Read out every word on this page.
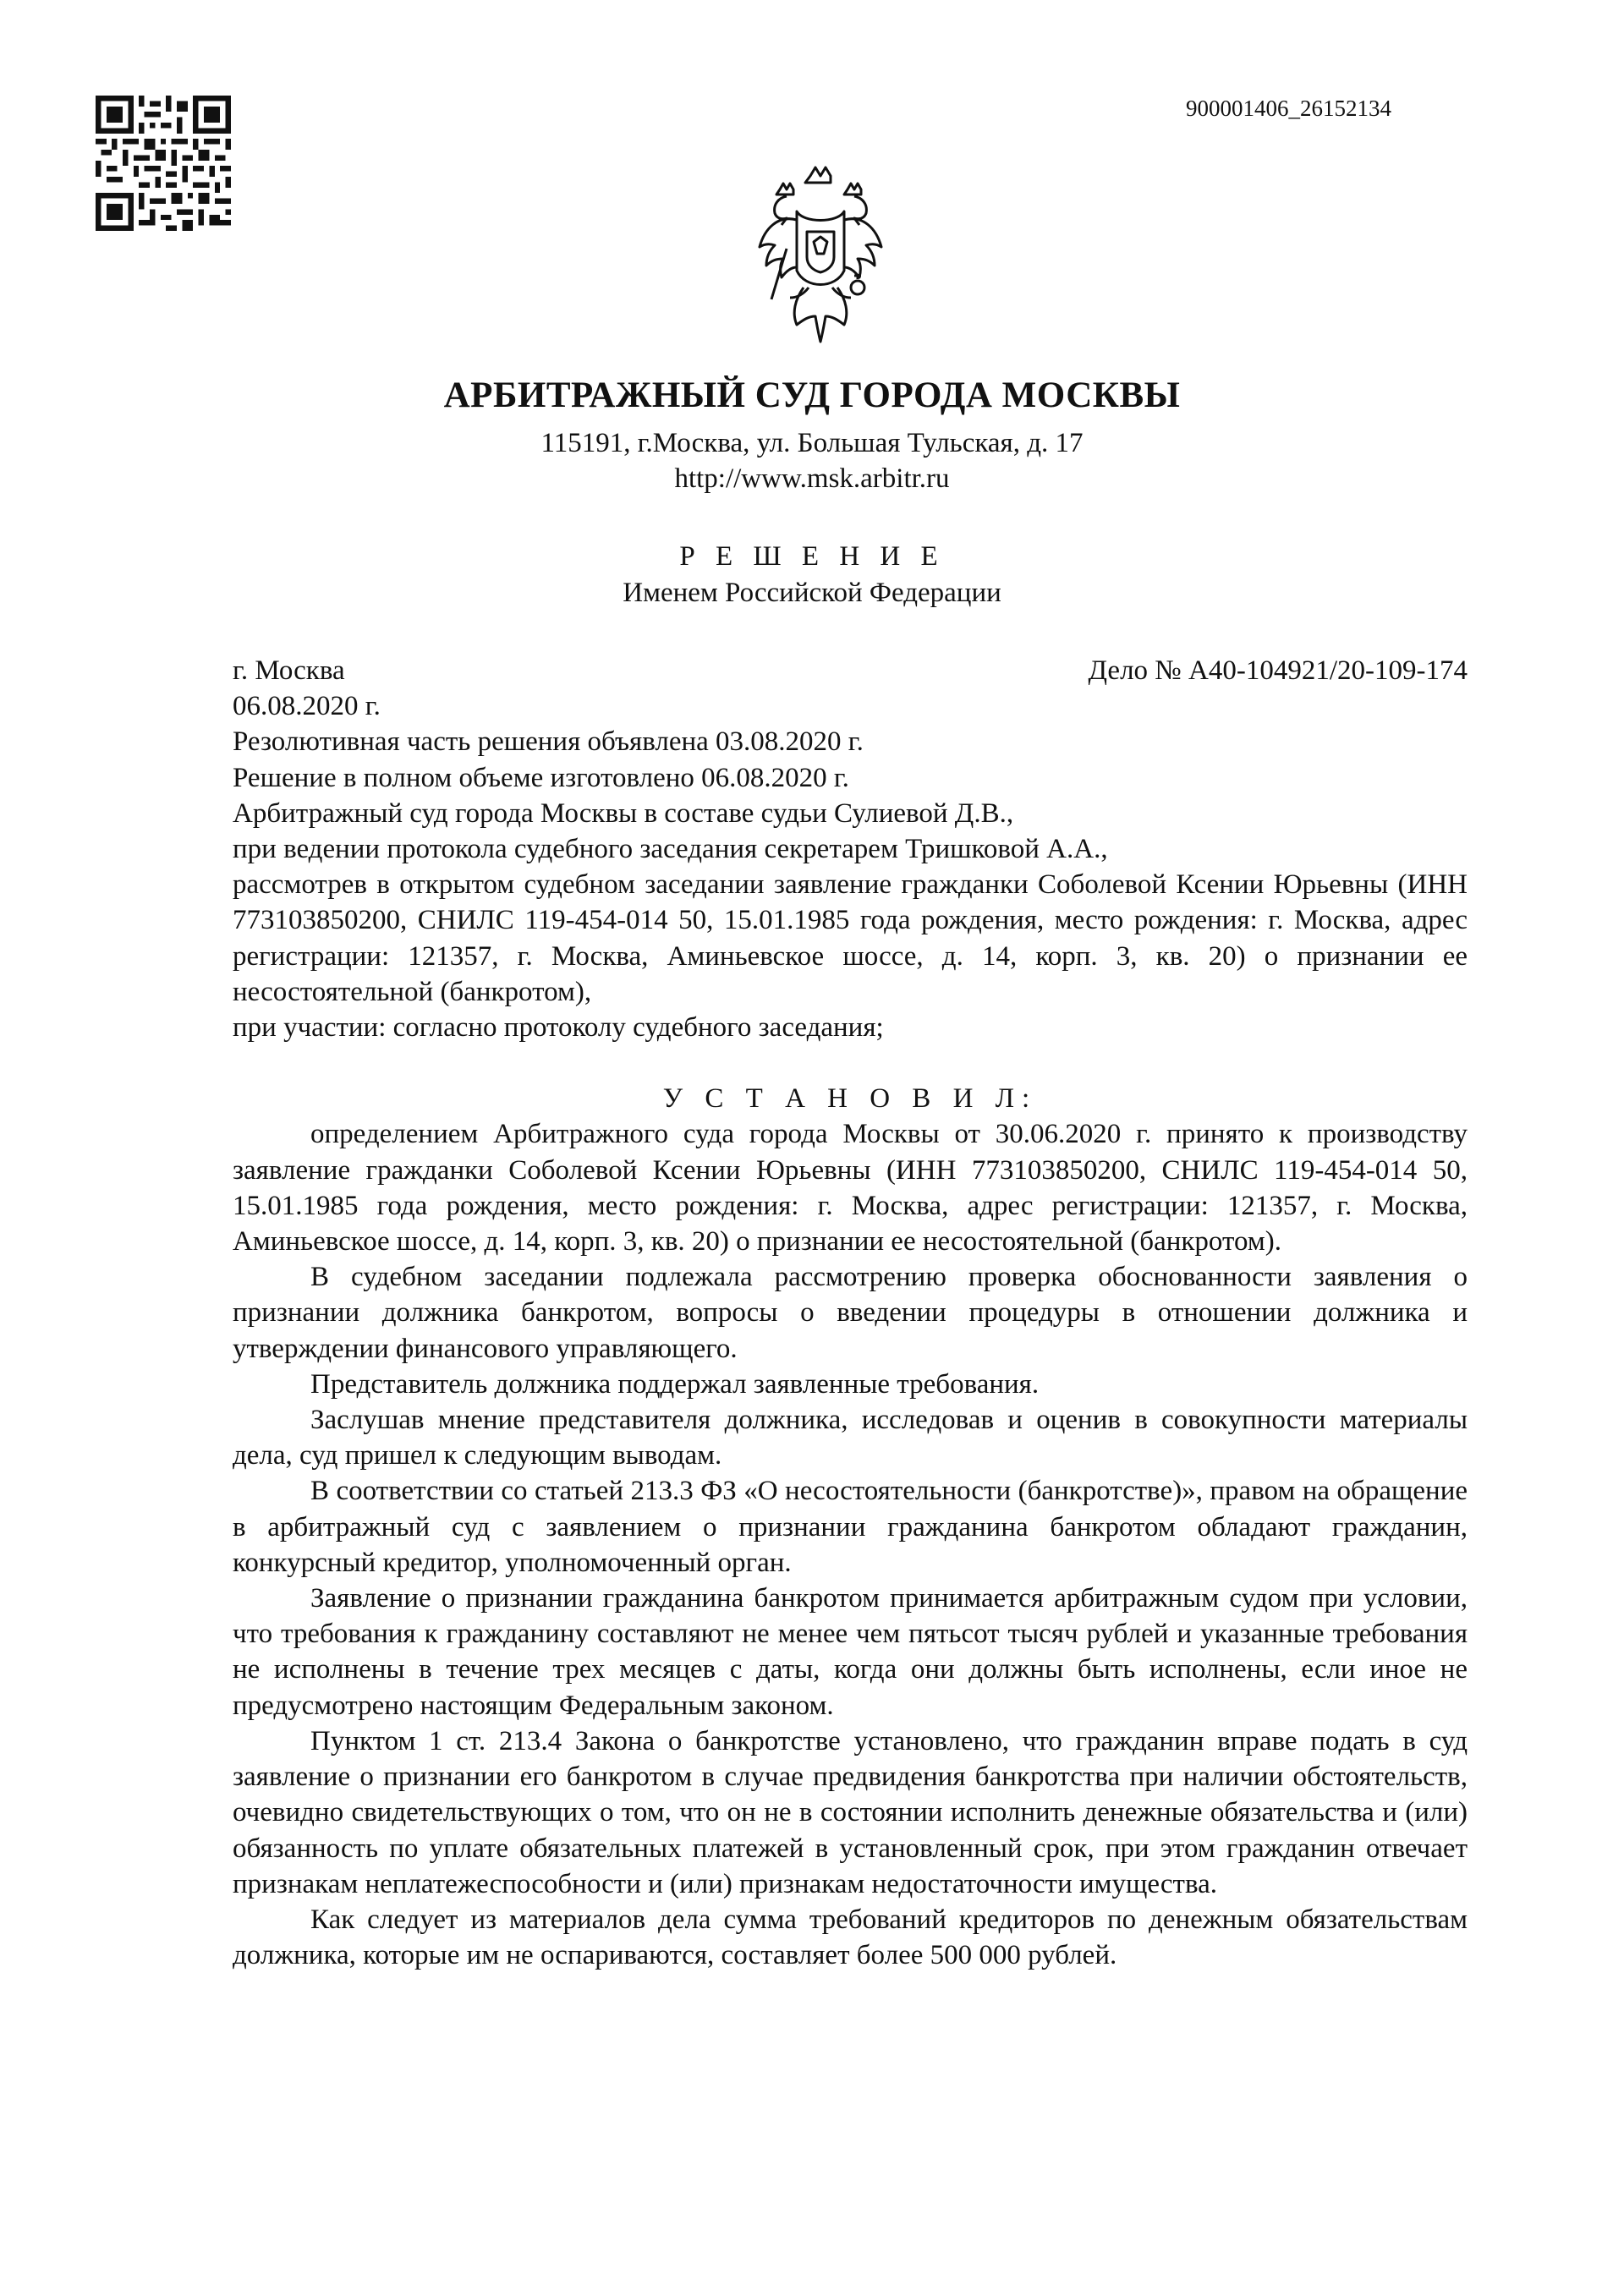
900001406_26152134
АРБИТРАЖНЫЙ СУД ГОРОДА МОСКВЫ
115191, г.Москва, ул. Большая Тульская, д. 17
http://www.msk.arbitr.ru
Р Е Ш Е Н И Е
Именем Российской Федерации
г. Москва	Дело № А40-104921/20-109-174

06.08.2020 г.

Резолютивная часть решения объявлена 03.08.2020 г.

Решение в полном объеме изготовлено 06.08.2020 г.

Арбитражный суд города Москвы в составе судьи Сулиевой Д.В.,

при ведении протокола судебного заседания секретарем Тришковой А.А.,

рассмотрев в открытом судебном заседании заявление гражданки Соболевой Ксении Юрьевны (ИНН 773103850200, СНИЛС 119-454-014 50, 15.01.1985 года рождения, место рождения: г. Москва, адрес регистрации: 121357, г. Москва, Аминьевское шоссе, д. 14, корп. 3, кв. 20) о признании ее несостоятельной (банкротом),

при участии: согласно протоколу судебного заседания;

У С Т А Н О В И Л:

определением Арбитражного суда города Москвы от 30.06.2020 г. принято к производству заявление гражданки Соболевой Ксении Юрьевны (ИНН 773103850200, СНИЛС 119-454-014 50, 15.01.1985 года рождения, место рождения: г. Москва, адрес регистрации: 121357, г. Москва, Аминьевское шоссе, д. 14, корп. 3, кв. 20) о признании ее несостоятельной (банкротом).

В судебном заседании подлежала рассмотрению проверка обоснованности заявления о признании должника банкротом, вопросы о введении процедуры в отношении должника и утверждении финансового управляющего.

Представитель должника поддержал заявленные требования.

Заслушав мнение представителя должника, исследовав и оценив в совокупности материалы дела, суд пришел к следующим выводам.

В соответствии со статьей 213.3 ФЗ «О несостоятельности (банкротстве)», правом на обращение в арбитражный суд с заявлением о признании гражданина банкротом обладают гражданин, конкурсный кредитор, уполномоченный орган.

Заявление о признании гражданина банкротом принимается арбитражным судом при условии, что требования к гражданину составляют не менее чем пятьсот тысяч рублей и указанные требования не исполнены в течение трех месяцев с даты, когда они должны быть исполнены, если иное не предусмотрено настоящим Федеральным законом.

Пунктом 1 ст. 213.4 Закона о банкротстве установлено, что гражданин вправе подать в суд заявление о признании его банкротом в случае предвидения банкротства при наличии обстоятельств, очевидно свидетельствующих о том, что он не в состоянии исполнить денежные обязательства и (или) обязанность по уплате обязательных платежей в установленный срок, при этом гражданин отвечает признакам неплатежеспособности и (или) признакам недостаточности имущества.

Как следует из материалов дела сумма требований кредиторов по денежным обязательствам должника, которые им не оспариваются, составляет более 500 000 рублей.
